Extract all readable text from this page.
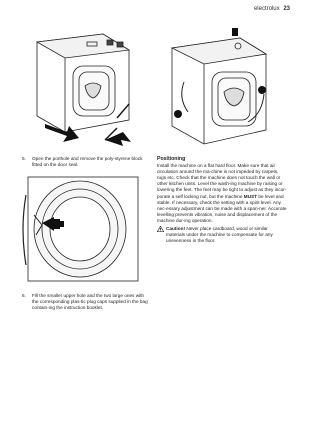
electrolux 23
5. Open the porthole and remove the poly-styrene block fitted on the door seal.
6. Fill the smaller upper hole and the two large ones with the corresponding plas-tic plug caps supplied in the bag contain-ing the instruction booklet.
Positioning

Install the machine on a flat hard floor. Make sure that air circulation around the ma-chine is not impeded by carpets, rugs etc. Check that the machine does not touch the wall or other kitchen units. Level the wash-ing machine by raising or lowering the feet. The feet may be tight to adjust as they incor-porate a self locking nut, but the machine MUST be level and stable. If necessary, check the setting with a spirit level. Any nec-essary adjustment can be made with a span-ner. Accurate levelling prevents vibration, noise and displacement of the machine dur-ing operation.

Caution! Never place cardboard, wood or similar materials under the machine to compensate for any unevenness in the floor.
